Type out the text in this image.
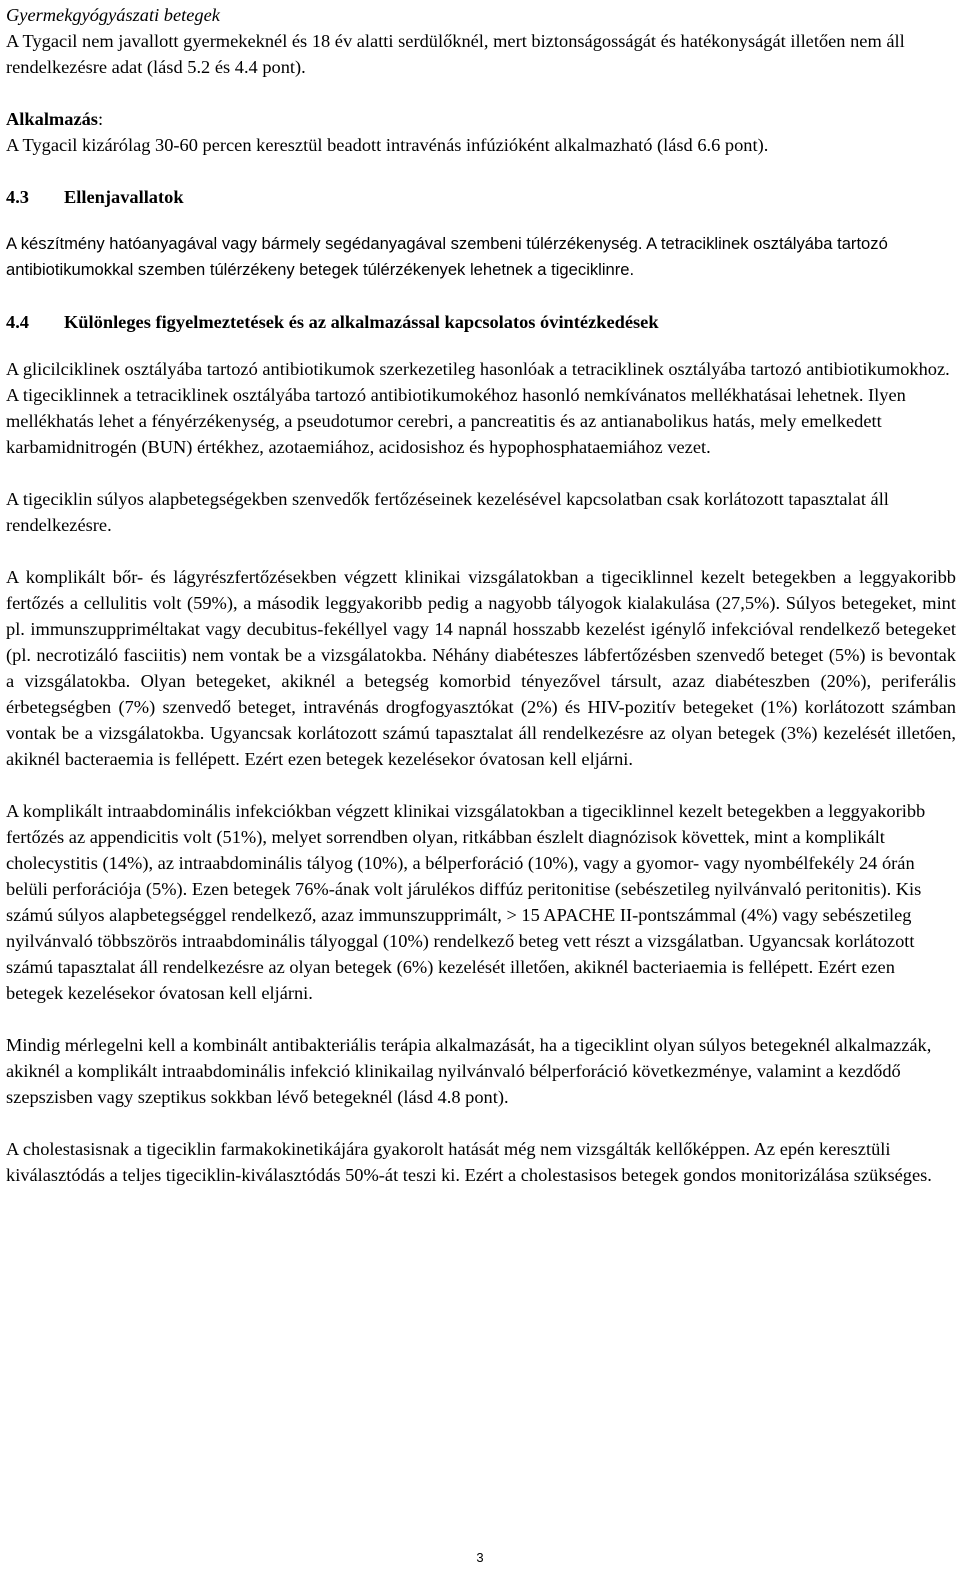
Gyermekgyógyászati betegek

A Tygacil nem javallott gyermekeknél és 18 év alatti serdülőknél, mert biztonságosságát és hatékonyságát illetően nem áll rendelkezésre adat (lásd 5.2 és 4.4 pont).

Alkalmazás:

A Tygacil kizárólag 30-60 percen keresztül beadott intravénás infúzióként alkalmazható (lásd 6.6 pont).

4.3 Ellenjavallatok

A készítmény hatóanyagával vagy bármely segédanyagával szembeni túlérzékenység. A tetraciklinek osztályába tartozó antibiotikumokkal szemben túlérzékeny betegek túlérzékenyek lehetnek a tigeciklinre.

4.4 Különleges figyelmeztetések és az alkalmazással kapcsolatos óvintézkedések

A glicilciklinek osztályába tartozó antibiotikumok szerkezetileg hasonlóak a tetraciklinek osztályába tartozó antibiotikumokhoz. A tigeciklinnek a tetraciklinek osztályába tartozó antibiotikumokéhoz hasonló nemkívánatos mellékhatásai lehetnek. Ilyen mellékhatás lehet a fényérzékenység, a pseudotumor cerebri, a pancreatitis és az antianabolikus hatás, mely emelkedett karbamidnitrogén (BUN) értékhez, azotaemiához, acidosishoz és hypophosphataemiához vezet.

A tigeciklin súlyos alapbetegségekben szenvedők fertőzéseinek kezelésével kapcsolatban csak korlátozott tapasztalat áll rendelkezésre.

A komplikált bőr- és lágyrészfertőzésekben végzett klinikai vizsgálatokban a tigeciklinnel kezelt betegekben a leggyakoribb fertőzés a cellulitis volt (59%), a második leggyakoribb pedig a nagyobb tályogok kialakulása (27,5%). Súlyos betegeket, mint pl. immunszuppriméltakat vagy decubitus-fekéllyel vagy 14 napnál hosszabb kezelést igénylő infekcióval rendelkező betegeket (pl. necrotizáló fasciitis) nem vontak be a vizsgálatokba. Néhány diabéteszes lábfertőzésben szenvedő beteget (5%) is bevontak a vizsgálatokba. Olyan betegeket, akiknél a betegség komorbid tényezővel társult, azaz diabéteszben (20%), periferális érbetegségben (7%) szenvedő beteget, intravénás drogfogyasztókat (2%) és HIV-pozitív betegeket (1%) korlátozott számban vontak be a vizsgálatokba. Ugyancsak korlátozott számú tapasztalat áll rendelkezésre az olyan betegek (3%) kezelését illetően, akiknél bacteraemia is fellépett. Ezért ezen betegek kezelésekor óvatosan kell eljárni.

A komplikált intraabdominális infekciókban végzett klinikai vizsgálatokban a tigeciklinnel kezelt betegekben a leggyakoribb fertőzés az appendicitis volt (51%), melyet sorrendben olyan, ritkábban észlelt diagnózisok követtek, mint a komplikált cholecystitis (14%), az intraabdominális tályog (10%), a bélperforáció (10%), vagy a gyomor- vagy nyombélfekély 24 órán belüli perforációja (5%). Ezen betegek 76%-ának volt járulékos diffúz peritonitise (sebészetileg nyilvánvaló peritonitis). Kis számú súlyos alapbetegséggel rendelkező, azaz immunszupprimált, > 15 APACHE II-pontszámmal (4%) vagy sebészetileg nyilvánvaló többszörös intraabdominális tályoggal (10%) rendelkező beteg vett részt a vizsgálatban. Ugyancsak korlátozott számú tapasztalat áll rendelkezésre az olyan betegek (6%) kezelését illetően, akiknél bacteriaemia is fellépett. Ezért ezen betegek kezelésekor óvatosan kell eljárni.

Mindig mérlegelni kell a kombinált antibakteriális terápia alkalmazását, ha a tigeciklint olyan súlyos betegeknél alkalmazzák, akiknél a komplikált intraabdominális infekció klinikailag nyilvánvaló bélperforáció következménye, valamint a kezdődő szepszisben vagy szeptikus sokkban lévő betegeknél (lásd 4.8 pont).

A cholestasisnak a tigeciklin farmakokinetikájára gyakorolt hatását még nem vizsgálták kellőképpen. Az epén keresztüli kiválasztódás a teljes tigeciklin-kiválasztódás 50%-át teszi ki. Ezért a cholestasisos betegek gondos monitorizálása szükséges.

3
